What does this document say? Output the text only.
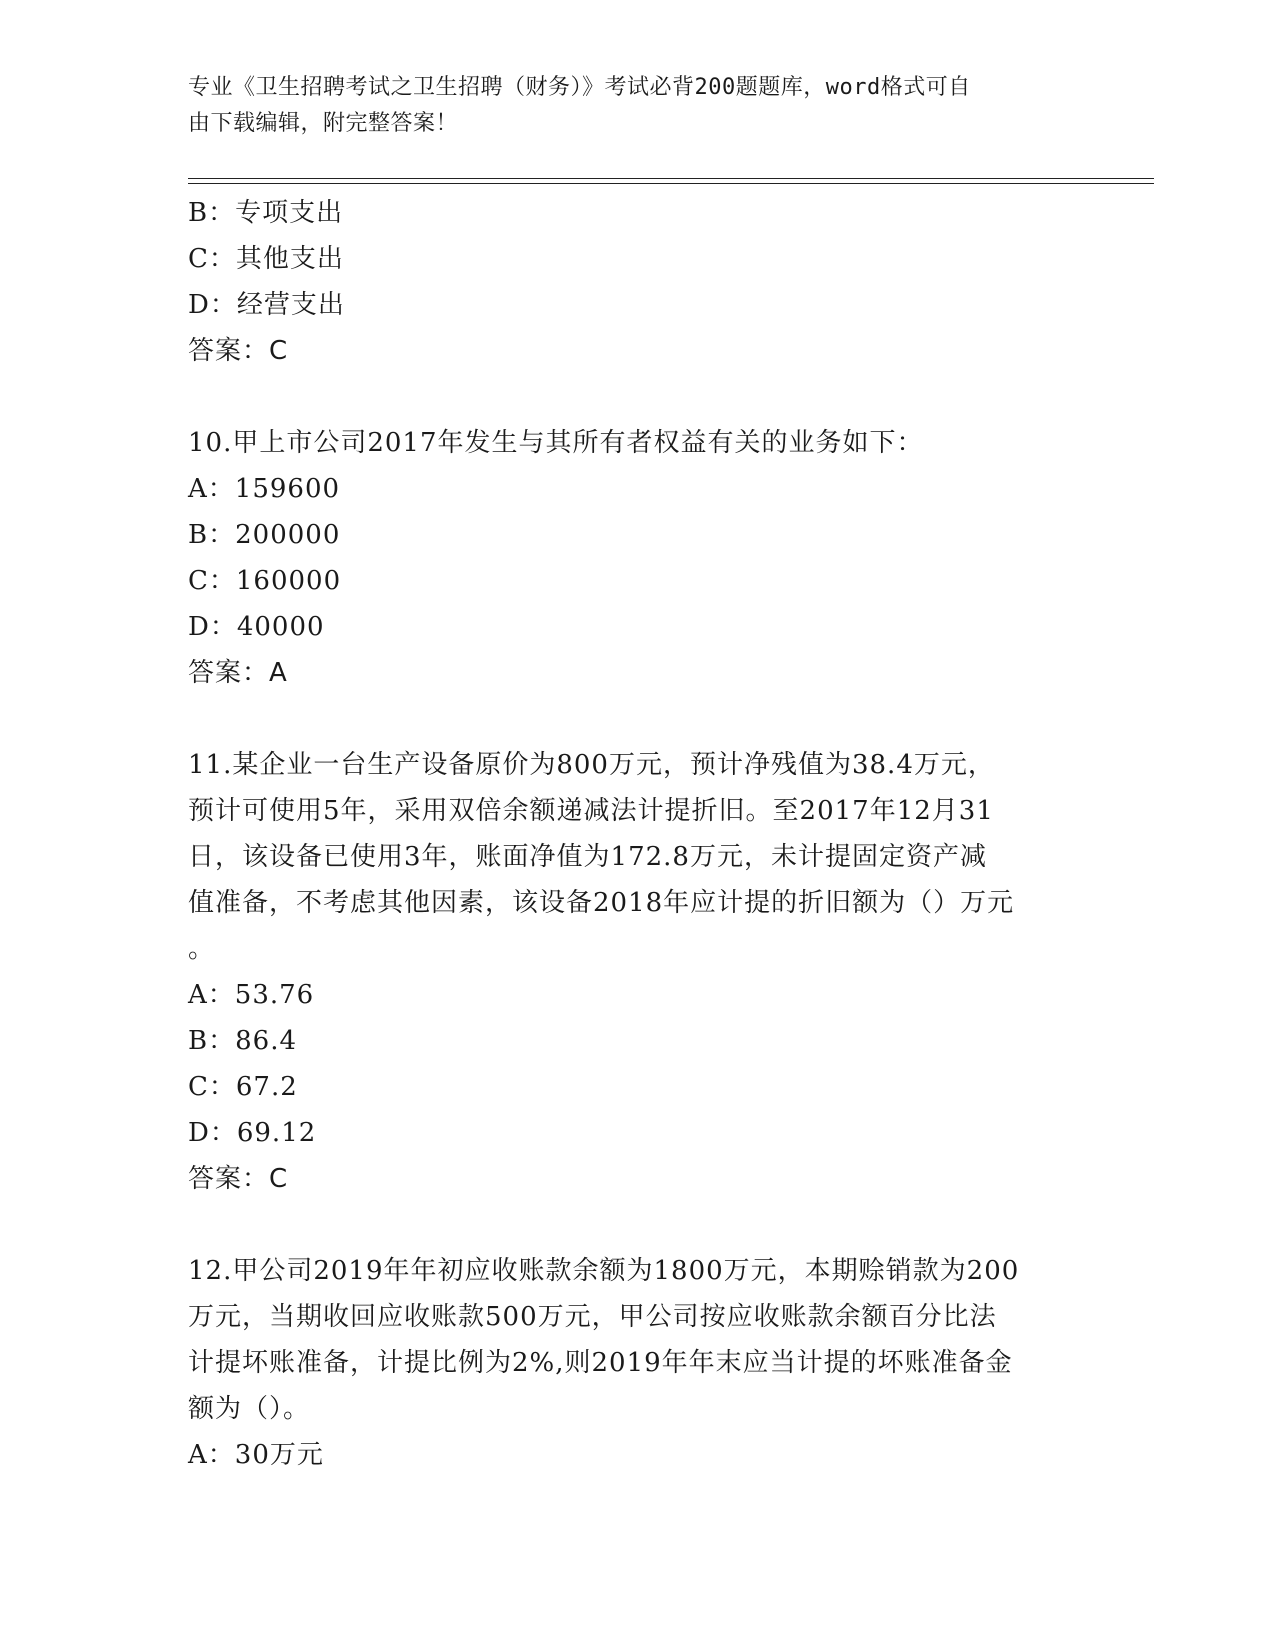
专业《卫生招聘考试之卫生招聘（财务）》考试必背200题题库，word格式可自
由下载编辑，附完整答案！
B：专项支出
C：其他支出
D：经营支出
答案：C
10.甲上市公司2017年发生与其所有者权益有关的业务如下：
A：159600
B：200000
C：160000
D：40000
答案：A
11.某企业一台生产设备原价为800万元，预计净残值为38.4万元，
预计可使用5年，采用双倍余额递减法计提折旧。至2017年12月31
日，该设备已使用3年，账面净值为172.8万元，未计提固定资产减
值准备，不考虑其他因素，该设备2018年应计提的折旧额为（）万元
。
A：53.76
B：86.4
C：67.2
D：69.12
答案：C
12.甲公司2019年年初应收账款余额为1800万元，本期赊销款为200
万元，当期收回应收账款500万元，甲公司按应收账款余额百分比法
计提坏账准备，计提比例为2%,则2019年年末应当计提的坏账准备金
额为（）。
A：30万元
